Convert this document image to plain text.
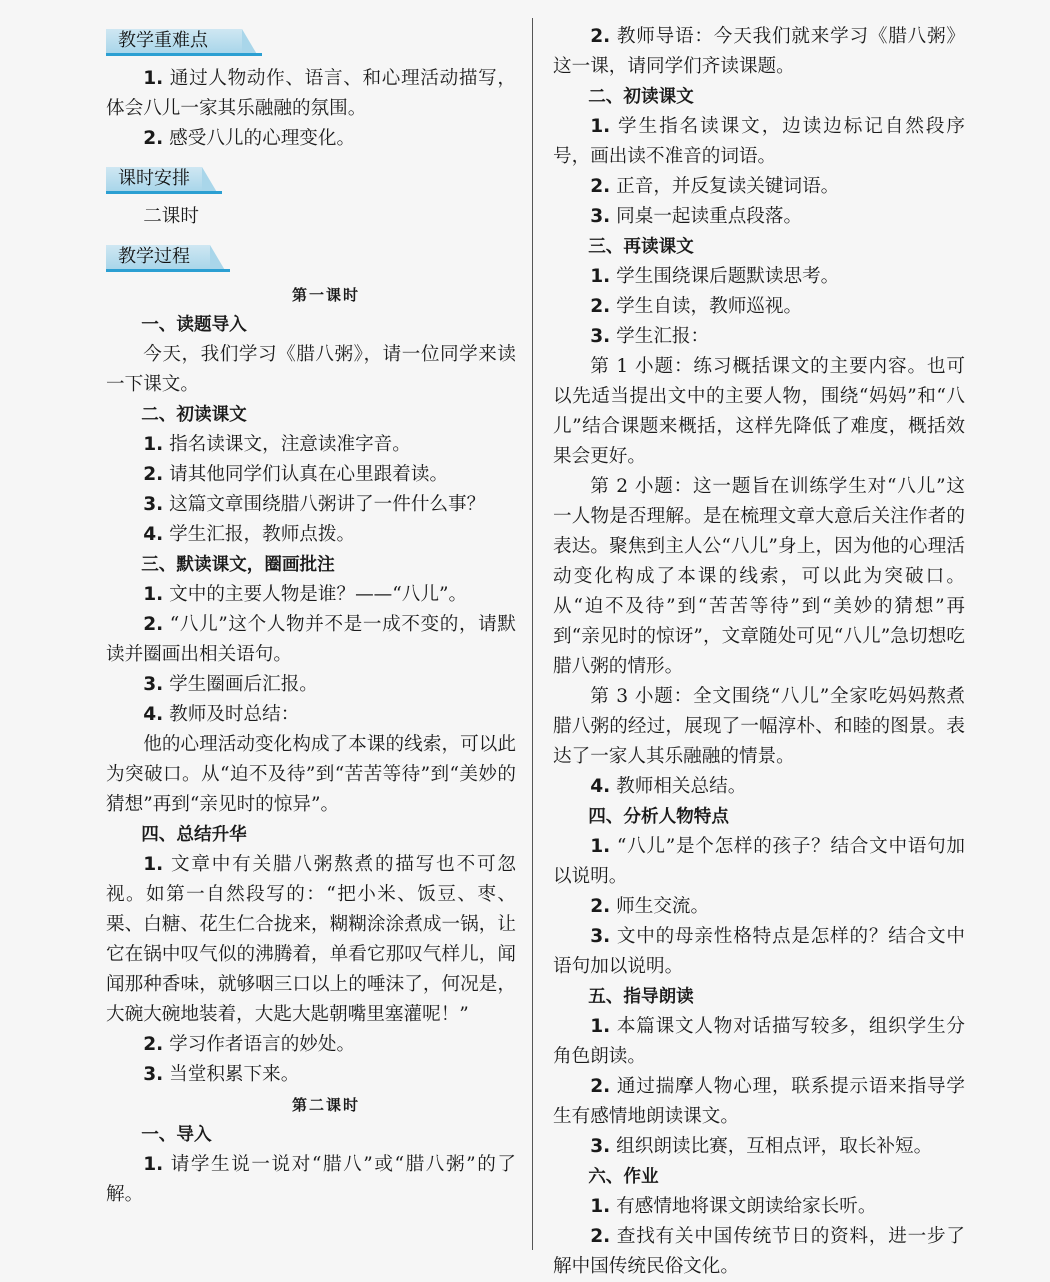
教学重难点

1. 通过人物动作、语言、和心理活动描写，体会八儿一家其乐融融的氛围。

2. 感受八儿的心理变化。

课时安排

二课时

教学过程

第一课时

一、读题导入

今天，我们学习《腊八粥》，请一位同学来读一下课文。

二、初读课文

1. 指名读课文，注意读准字音。

2. 请其他同学们认真在心里跟着读。

3. 这篇文章围绕腊八粥讲了一件什么事？

4. 学生汇报，教师点拨。

三、默读课文，圈画批注

1. 文中的主要人物是谁？——“八儿”。

2. “八儿”这个人物并不是一成不变的，请默读并圈画出相关语句。

3. 学生圈画后汇报。

4. 教师及时总结：

他的心理活动变化构成了本课的线索，可以此为突破口。从“迫不及待”到“苦苦等待”到“美妙的猜想”再到“亲见时的惊异”。

四、总结升华

1. 文章中有关腊八粥熬煮的描写也不可忽视。如第一自然段写的：“把小米、饭豆、枣、栗、白糖、花生仁合拢来，糊糊涂涂煮成一锅，让它在锅中叹气似的沸腾着，单看它那叹气样儿，闻闻那种香味，就够咽三口以上的唾沫了，何况是，大碗大碗地装着，大匙大匙朝嘴里塞灌呢！”

2. 学习作者语言的妙处。

3. 当堂积累下来。

第二课时

一、导入

1. 请学生说一说对“腊八”或“腊八粥”的了解。

2. 教师导语：今天我们就来学习《腊八粥》这一课，请同学们齐读课题。

二、初读课文

1. 学生指名读课文，边读边标记自然段序号，画出读不准音的词语。

2. 正音，并反复读关键词语。

3. 同桌一起读重点段落。

三、再读课文

1. 学生围绕课后题默读思考。

2. 学生自读，教师巡视。

3. 学生汇报：

第 1 小题：练习概括课文的主要内容。也可以先适当提出文中的主要人物，围绕“妈妈”和“八儿”结合课题来概括，这样先降低了难度，概括效果会更好。

第 2 小题：这一题旨在训练学生对“八儿”这一人物是否理解。是在梳理文章大意后关注作者的表达。聚焦到主人公“八儿”身上，因为他的心理活动变化构成了本课的线索，可以此为突破口。从“迫不及待”到“苦苦等待”到“美妙的猜想”再到“亲见时的惊讶”，文章随处可见“八儿”急切想吃腊八粥的情形。

第 3 小题：全文围绕“八儿”全家吃妈妈熬煮腊八粥的经过，展现了一幅淳朴、和睦的图景。表达了一家人其乐融融的情景。

4. 教师相关总结。

四、分析人物特点

1. “八儿”是个怎样的孩子？结合文中语句加以说明。

2. 师生交流。

3. 文中的母亲性格特点是怎样的？结合文中语句加以说明。

五、指导朗读

1. 本篇课文人物对话描写较多，组织学生分角色朗读。

2. 通过揣摩人物心理，联系提示语来指导学生有感情地朗读课文。

3. 组织朗读比赛，互相点评，取长补短。

六、作业

1. 有感情地将课文朗读给家长听。

2. 查找有关中国传统节日的资料，进一步了解中国传统民俗文化。
